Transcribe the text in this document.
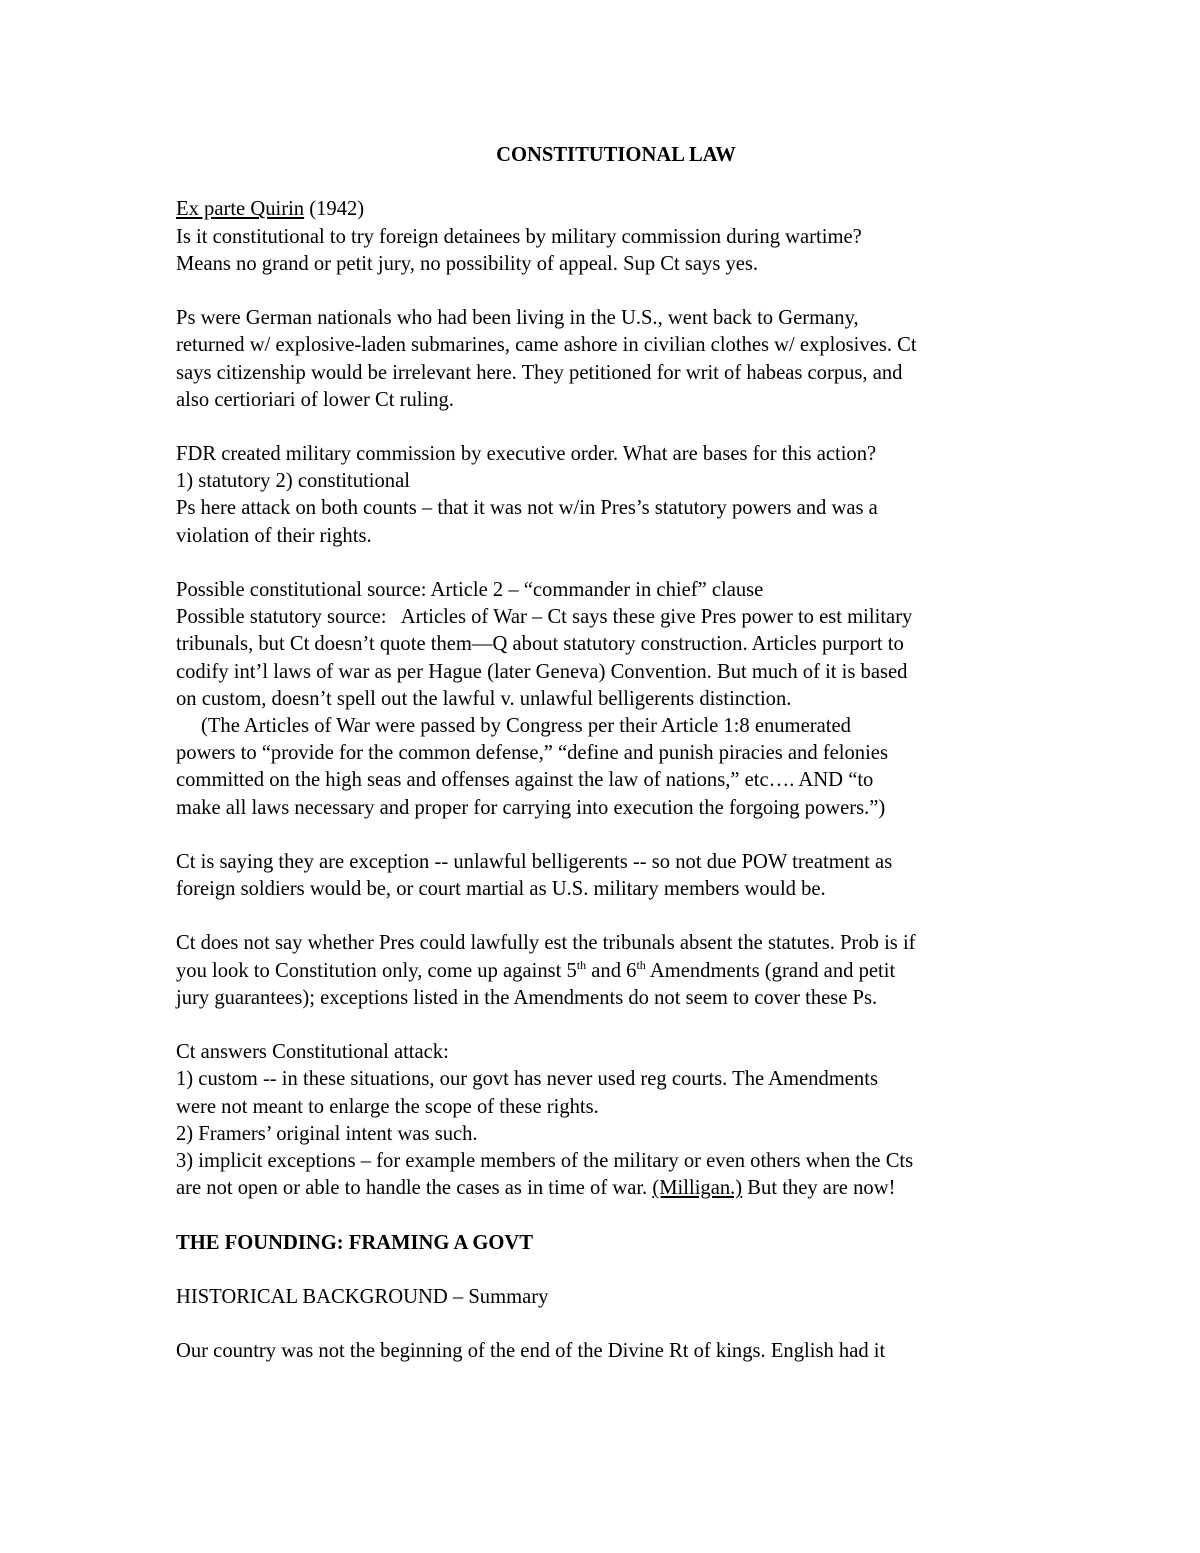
CONSTITUTIONAL LAW
Ex parte Quirin (1942)
Is it constitutional to try foreign detainees by military commission during wartime?
Means no grand or petit jury, no possibility of appeal. Sup Ct says yes.
Ps were German nationals who had been living in the U.S., went back to Germany,
returned w/ explosive-laden submarines, came ashore in civilian clothes w/ explosives. Ct
says citizenship would be irrelevant here. They petitioned for writ of habeas corpus, and
also certioriari of lower Ct ruling.
FDR created military commission by executive order. What are bases for this action?
1) statutory 2) constitutional
Ps here attack on both counts – that it was not w/in Pres’s statutory powers and was a
violation of their rights.
Possible constitutional source: Article 2 – “commander in chief” clause
Possible statutory source:   Articles of War – Ct says these give Pres power to est military
tribunals, but Ct doesn’t quote them—Q about statutory construction. Articles purport to
codify int’l laws of war as per Hague (later Geneva) Convention. But much of it is based
on custom, doesn’t spell out the lawful v. unlawful belligerents distinction.
(The Articles of War were passed by Congress per their Article 1:8 enumerated
powers to “provide for the common defense,” “define and punish piracies and felonies
committed on the high seas and offenses against the law of nations,” etc…. AND “to
make all laws necessary and proper for carrying into execution the forgoing powers.”)
Ct is saying they are exception -- unlawful belligerents -- so not due POW treatment as
foreign soldiers would be, or court martial as U.S. military members would be.
Ct does not say whether Pres could lawfully est the tribunals absent the statutes. Prob is if
you look to Constitution only, come up against 5th and 6th Amendments (grand and petit
jury guarantees); exceptions listed in the Amendments do not seem to cover these Ps.
Ct answers Constitutional attack:
1) custom -- in these situations, our govt has never used reg courts. The Amendments
were not meant to enlarge the scope of these rights.
2) Framers’ original intent was such.
3) implicit exceptions – for example members of the military or even others when the Cts
are not open or able to handle the cases as in time of war. (Milligan.) But they are now!
THE FOUNDING: FRAMING A GOVT
HISTORICAL BACKGROUND – Summary
Our country was not the beginning of the end of the Divine Rt of kings. English had it
